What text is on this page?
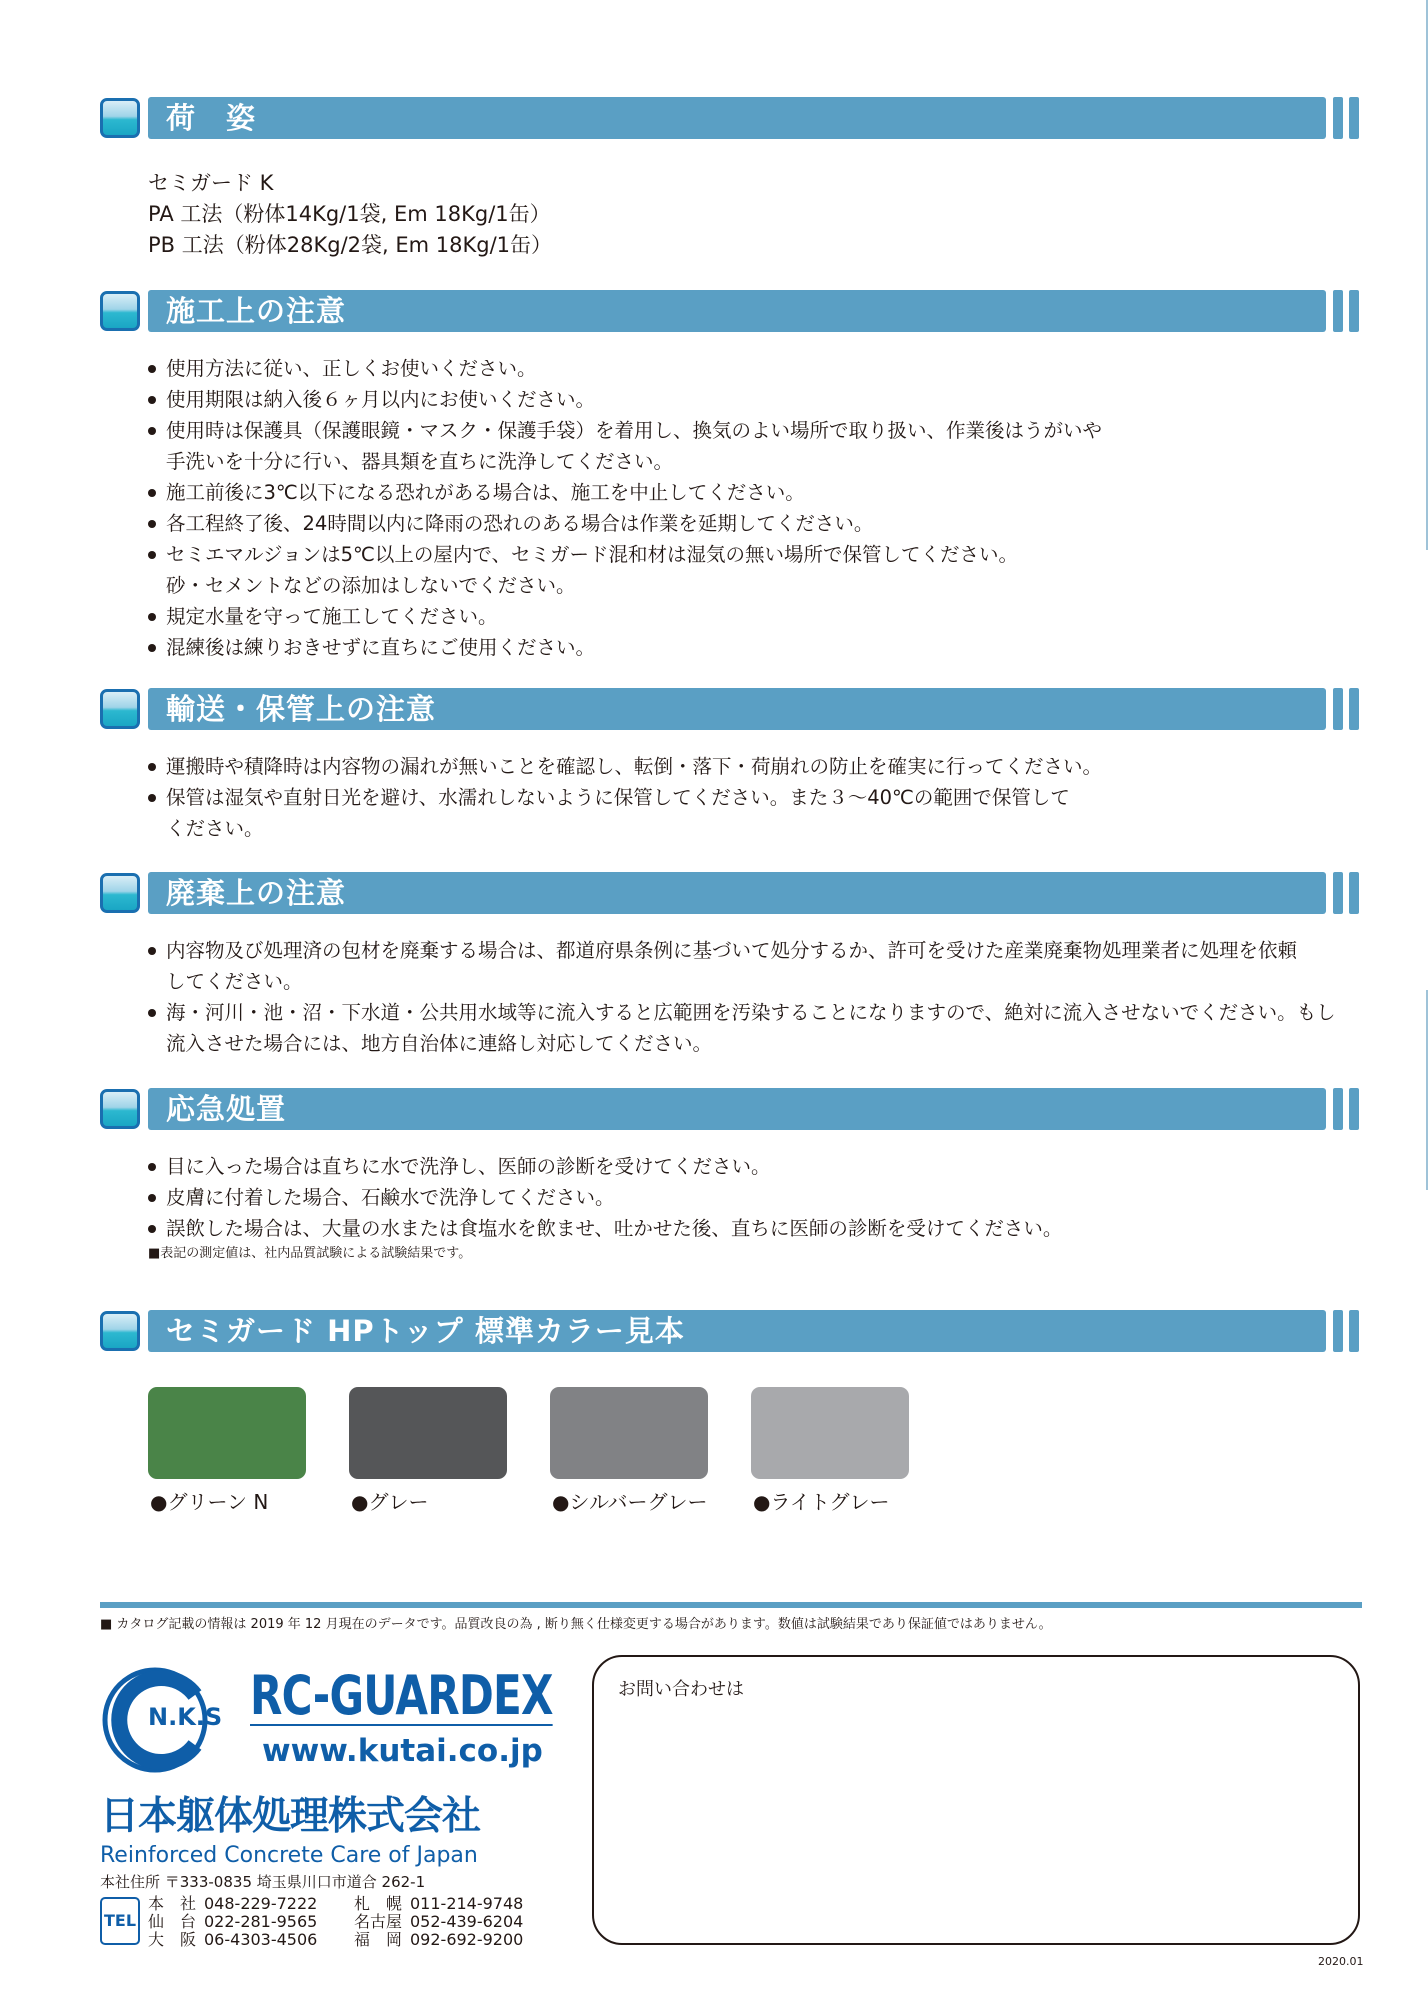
荷　姿
セミガード K
PA 工法（粉体14Kg/1袋, Em 18Kg/1缶）
PB 工法（粉体28Kg/2袋, Em 18Kg/1缶）
施工上の注意
使用方法に従い、正しくお使いください。
使用期限は納入後６ヶ月以内にお使いください。
使用時は保護具（保護眼鏡・マスク・保護手袋）を着用し、換気のよい場所で取り扱い、作業後はうがいや
手洗いを十分に行い、器具類を直ちに洗浄してください。
施工前後に3℃以下になる恐れがある場合は、施工を中止してください。
各工程終了後、24時間以内に降雨の恐れのある場合は作業を延期してください。
セミエマルジョンは5℃以上の屋内で、セミガード混和材は湿気の無い場所で保管してください。
砂・セメントなどの添加はしないでください。
規定水量を守って施工してください。
混練後は練りおきせずに直ちにご使用ください。
輸送・保管上の注意
運搬時や積降時は内容物の漏れが無いことを確認し、転倒・落下・荷崩れの防止を確実に行ってください。
保管は湿気や直射日光を避け、水濡れしないように保管してください。また３～40℃の範囲で保管して
ください。
廃棄上の注意
内容物及び処理済の包材を廃棄する場合は、都道府県条例に基づいて処分するか、許可を受けた産業廃棄物処理業者に処理を依頼
してください。
海・河川・池・沼・下水道・公共用水域等に流入すると広範囲を汚染することになりますので、絶対に流入させないでください。もし
流入させた場合には、地方自治体に連絡し対応してください。
応急処置
目に入った場合は直ちに水で洗浄し、医師の診断を受けてください。
皮膚に付着した場合、石鹸水で洗浄してください。
誤飲した場合は、大量の水または食塩水を飲ませ、吐かせた後、直ちに医師の診断を受けてください。
■表記の測定値は、社内品質試験による試験結果です。
セミガード HPトップ 標準カラー見本
■ カタログ記載の情報は 2019 年 12 月現在のデータです。品質改良の為 , 断り無く仕様変更する場合があります。数値は試験結果であり保証値ではありません。
N.K.S RC-GUARDEX
www.kutai.co.jp
日本躯体処理株式会社
Reinforced Concrete Care of Japan
本社住所 〒333-0835 埼玉県川口市道合 262-1
TEL
本　社 048-229-7222 札　幌 011-214-9748
仙　台 022-281-9565 名古屋 052-439-6204
大　阪 06-4303-4506 福　岡 092-692-9200
お問い合わせは
2020.01
●グリーン N	●グレー	●シルバーグレー ●ライトグレー
